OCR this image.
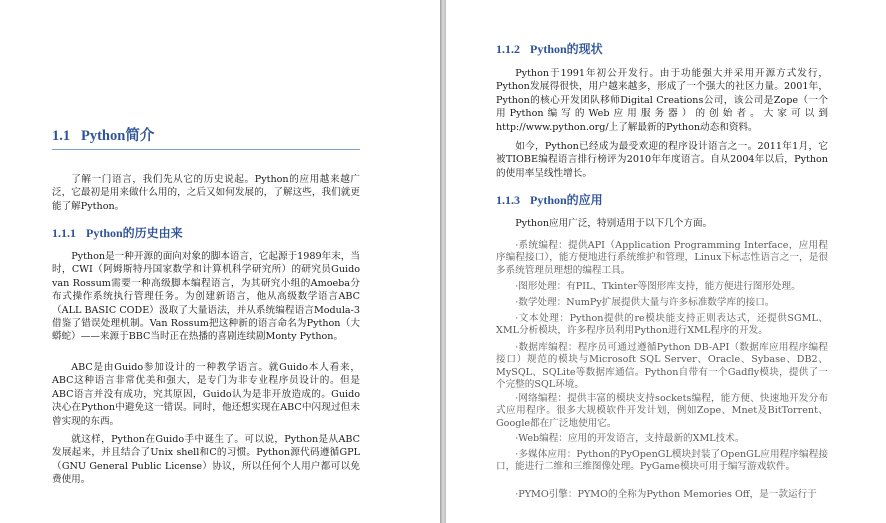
1.1 Python简介
了解一门语言，我们先从它的历史说起。Python的应用越来越广泛，它最初是用来做什么用的，之后又如何发展的，了解这些，我们就更能了解Python。
1.1.1 Python的历史由来
Python是一种开源的面向对象的脚本语言，它起源于1989年末，当时，CWI（阿姆斯特丹国家数学和计算机科学研究所）的研究员Guido van Rossum需要一种高级脚本编程语言，为其研究小组的Amoeba分布式操作系统执行管理任务。为创建新语言，他从高级数学语言ABC（ALL BASIC CODE）汲取了大量语法，并从系统编程语言Modula-3借鉴了错误处理机制。Van Rossum把这种新的语言命名为Python（大蟒蛇）——来源于BBC当时正在热播的喜剧连续剧Monty Python。
ABC是由Guido参加设计的一种教学语言。就Guido本人看来，ABC这种语言非常优美和强大，是专门为非专业程序员设计的。但是ABC语言并没有成功，究其原因，Guido认为是非开放造成的。Guido决心在Python中避免这一错误。同时，他还想实现在ABC中闪现过但未曾实现的东西。
就这样，Python在Guido手中诞生了。可以说，Python是从ABC发展起来，并且结合了Unix shell和C的习惯。Python源代码遵循GPL（GNU General Public License）协议，所以任何个人用户都可以免费使用。
1.1.2 Python的现状
Python于1991年初公开发行。由于功能强大并采用开源方式发行，Python发展得很快，用户越来越多，形成了一个强大的社区力量。2001年，Python的核心开发团队移师Digital Creations公司，该公司是Zope（一个用Python编写的Web应用服务器）的创始者。大家可以到http://www.python.org/上了解最新的Python动态和资料。
如今，Python已经成为最受欢迎的程序设计语言之一。2011年1月，它被TIOBE编程语言排行榜评为2010年年度语言。自从2004年以后，Python的使用率呈线性增长。
1.1.3 Python的应用
Python应用广泛，特别适用于以下几个方面。
·系统编程：提供API（Application Programming Interface，应用程序编程接口），能方便地进行系统维护和管理，Linux下标志性语言之一，是很多系统管理员理想的编程工具。
·图形处理：有PIL、Tkinter等图形库支持，能方便进行图形处理。
·数学处理：NumPy扩展提供大量与许多标准数学库的接口。
·文本处理：Python提供的re模块能支持正则表达式，还提供SGML、XML分析模块，许多程序员利用Python进行XML程序的开发。
·数据库编程：程序员可通过遵循Python DB-API（数据库应用程序编程接口）规范的模块与Microsoft SQL Server、Oracle、Sybase、DB2、MySQL、SQLite等数据库通信。Python自带有一个Gadfly模块，提供了一个完整的SQL环境。
·网络编程：提供丰富的模块支持sockets编程，能方便、快速地开发分布式应用程序。很多大规模软件开发计划，例如Zope、Mnet及BitTorrent、Google都在广泛地使用它。
·Web编程：应用的开发语言，支持最新的XML技术。
·多媒体应用：Python的PyOpenGL模块封装了OpenGL应用程序编程接口，能进行二维和三维图像处理。PyGame模块可用于编写游戏软件。
·PYMO引擎：PYMO的全称为Python Memories Off，是一款运行于
